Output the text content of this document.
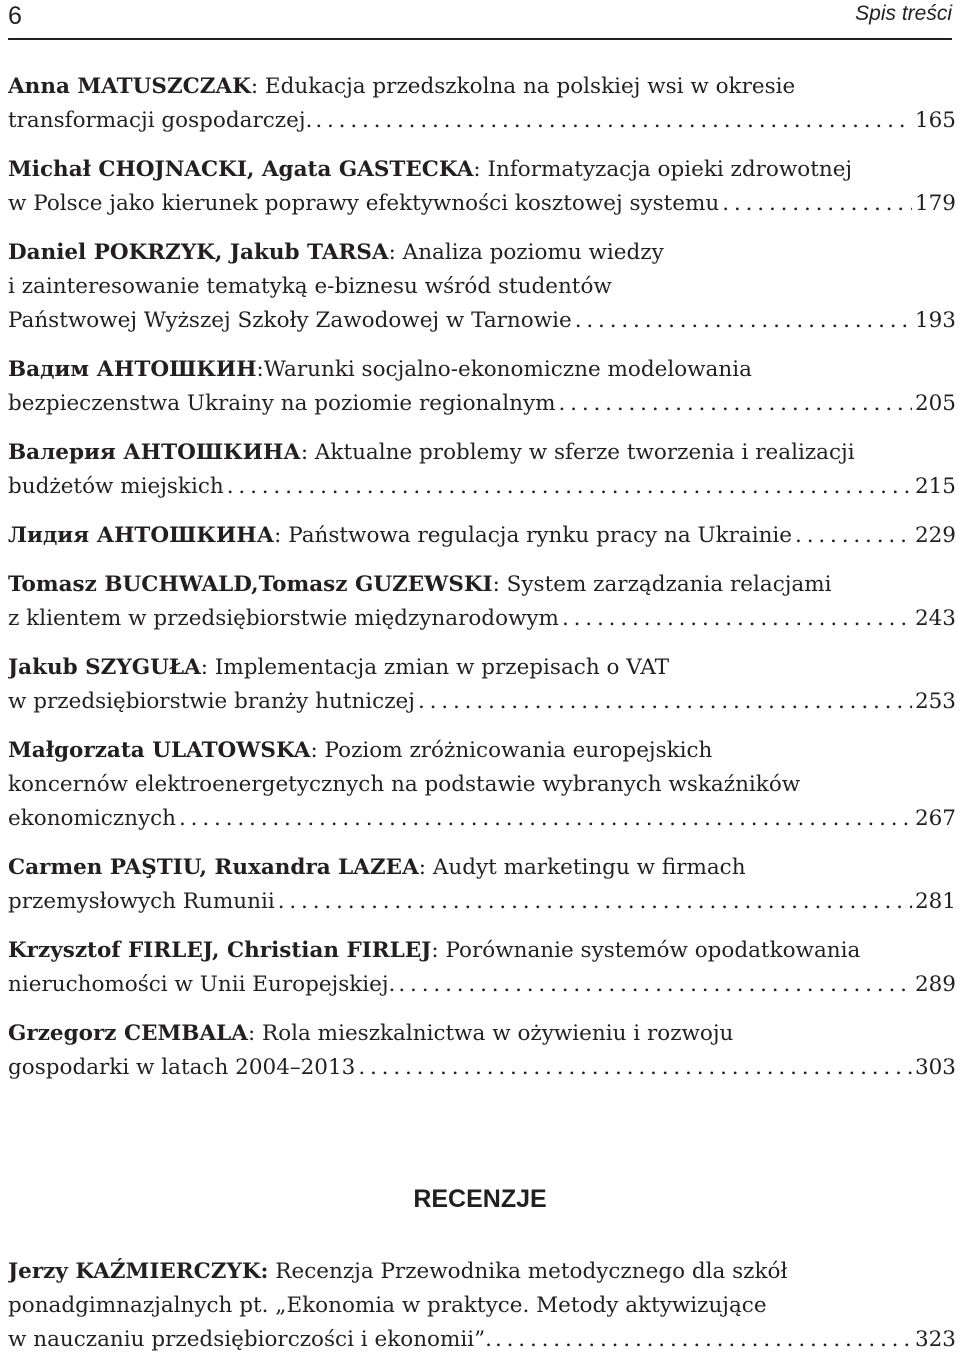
6	Spis treści
Anna MATUSZCZAK: Edukacja przedszkolna na polskiej wsi w okresie
transformacji gospodarczej. . . .	165
Michał CHOJNACKI, Agata GASTECKA: Informatyzacja opieki zdrowotnej
w Polsce jako kierunek poprawy efektywności kosztowej systemu . . .	179
Daniel POKRZYK, Jakub TARSA: Analiza poziomu wiedzy
i zainteresowanie tematyką e-biznesu wśród studentów
Państwowej Wyższej Szkoły Zawodowej w Tarnowie . . .	193
Вадим АНТОШКИН:Warunki socjalno-ekonomiczne modelowania
bezpieczenstwa Ukrainy na poziomie regionalnym . . .	205
Валерия АНТОШКИНА: Aktualne problemy w sferze tworzenia i realizacji
budżetów miejskich . . .	215
Лидия АНТОШКИНА: Państwowa regulacja rynku pracy na Ukrainie . . .	229
Tomasz BUCHWALD,Tomasz GUZEWSKI: System zarządzania relacjami
z klientem w przedsiębiorstwie międzynarodowym . . .	243
Jakub SZYGUŁA: Implementacja zmian w przepisach o VAT
w przedsiębiorstwie branży hutniczej . . .	253
Małgorzata ULATOWSKA: Poziom zróżnicowania europejskich
koncernów elektroenergetycznych na podstawie wybranych wskaźników
ekonomicznych . . .	267
Carmen PAŞTIU, Ruxandra LAZEA: Audyt marketingu w firmach
przemysłowych Rumunii . . .	281
Krzysztof FIRLEJ, Christian FIRLEJ: Porównanie systemów opodatkowania
nieruchomości w Unii Europejskiej. . . .	289
Grzegorz CEMBALA: Rola mieszkalnictwa w ożywieniu i rozwoju
gospodarki w latach 2004–2013 . . .	303
RECENZJE
Jerzy KAŹMIERCZYK: Recenzja Przewodnika metodycznego dla szkół
ponadgimnazjalnych pt. „Ekonomia w praktyce. Metody aktywizujące
w nauczaniu przedsiębiorczości i ekonomii”. . . .	323
